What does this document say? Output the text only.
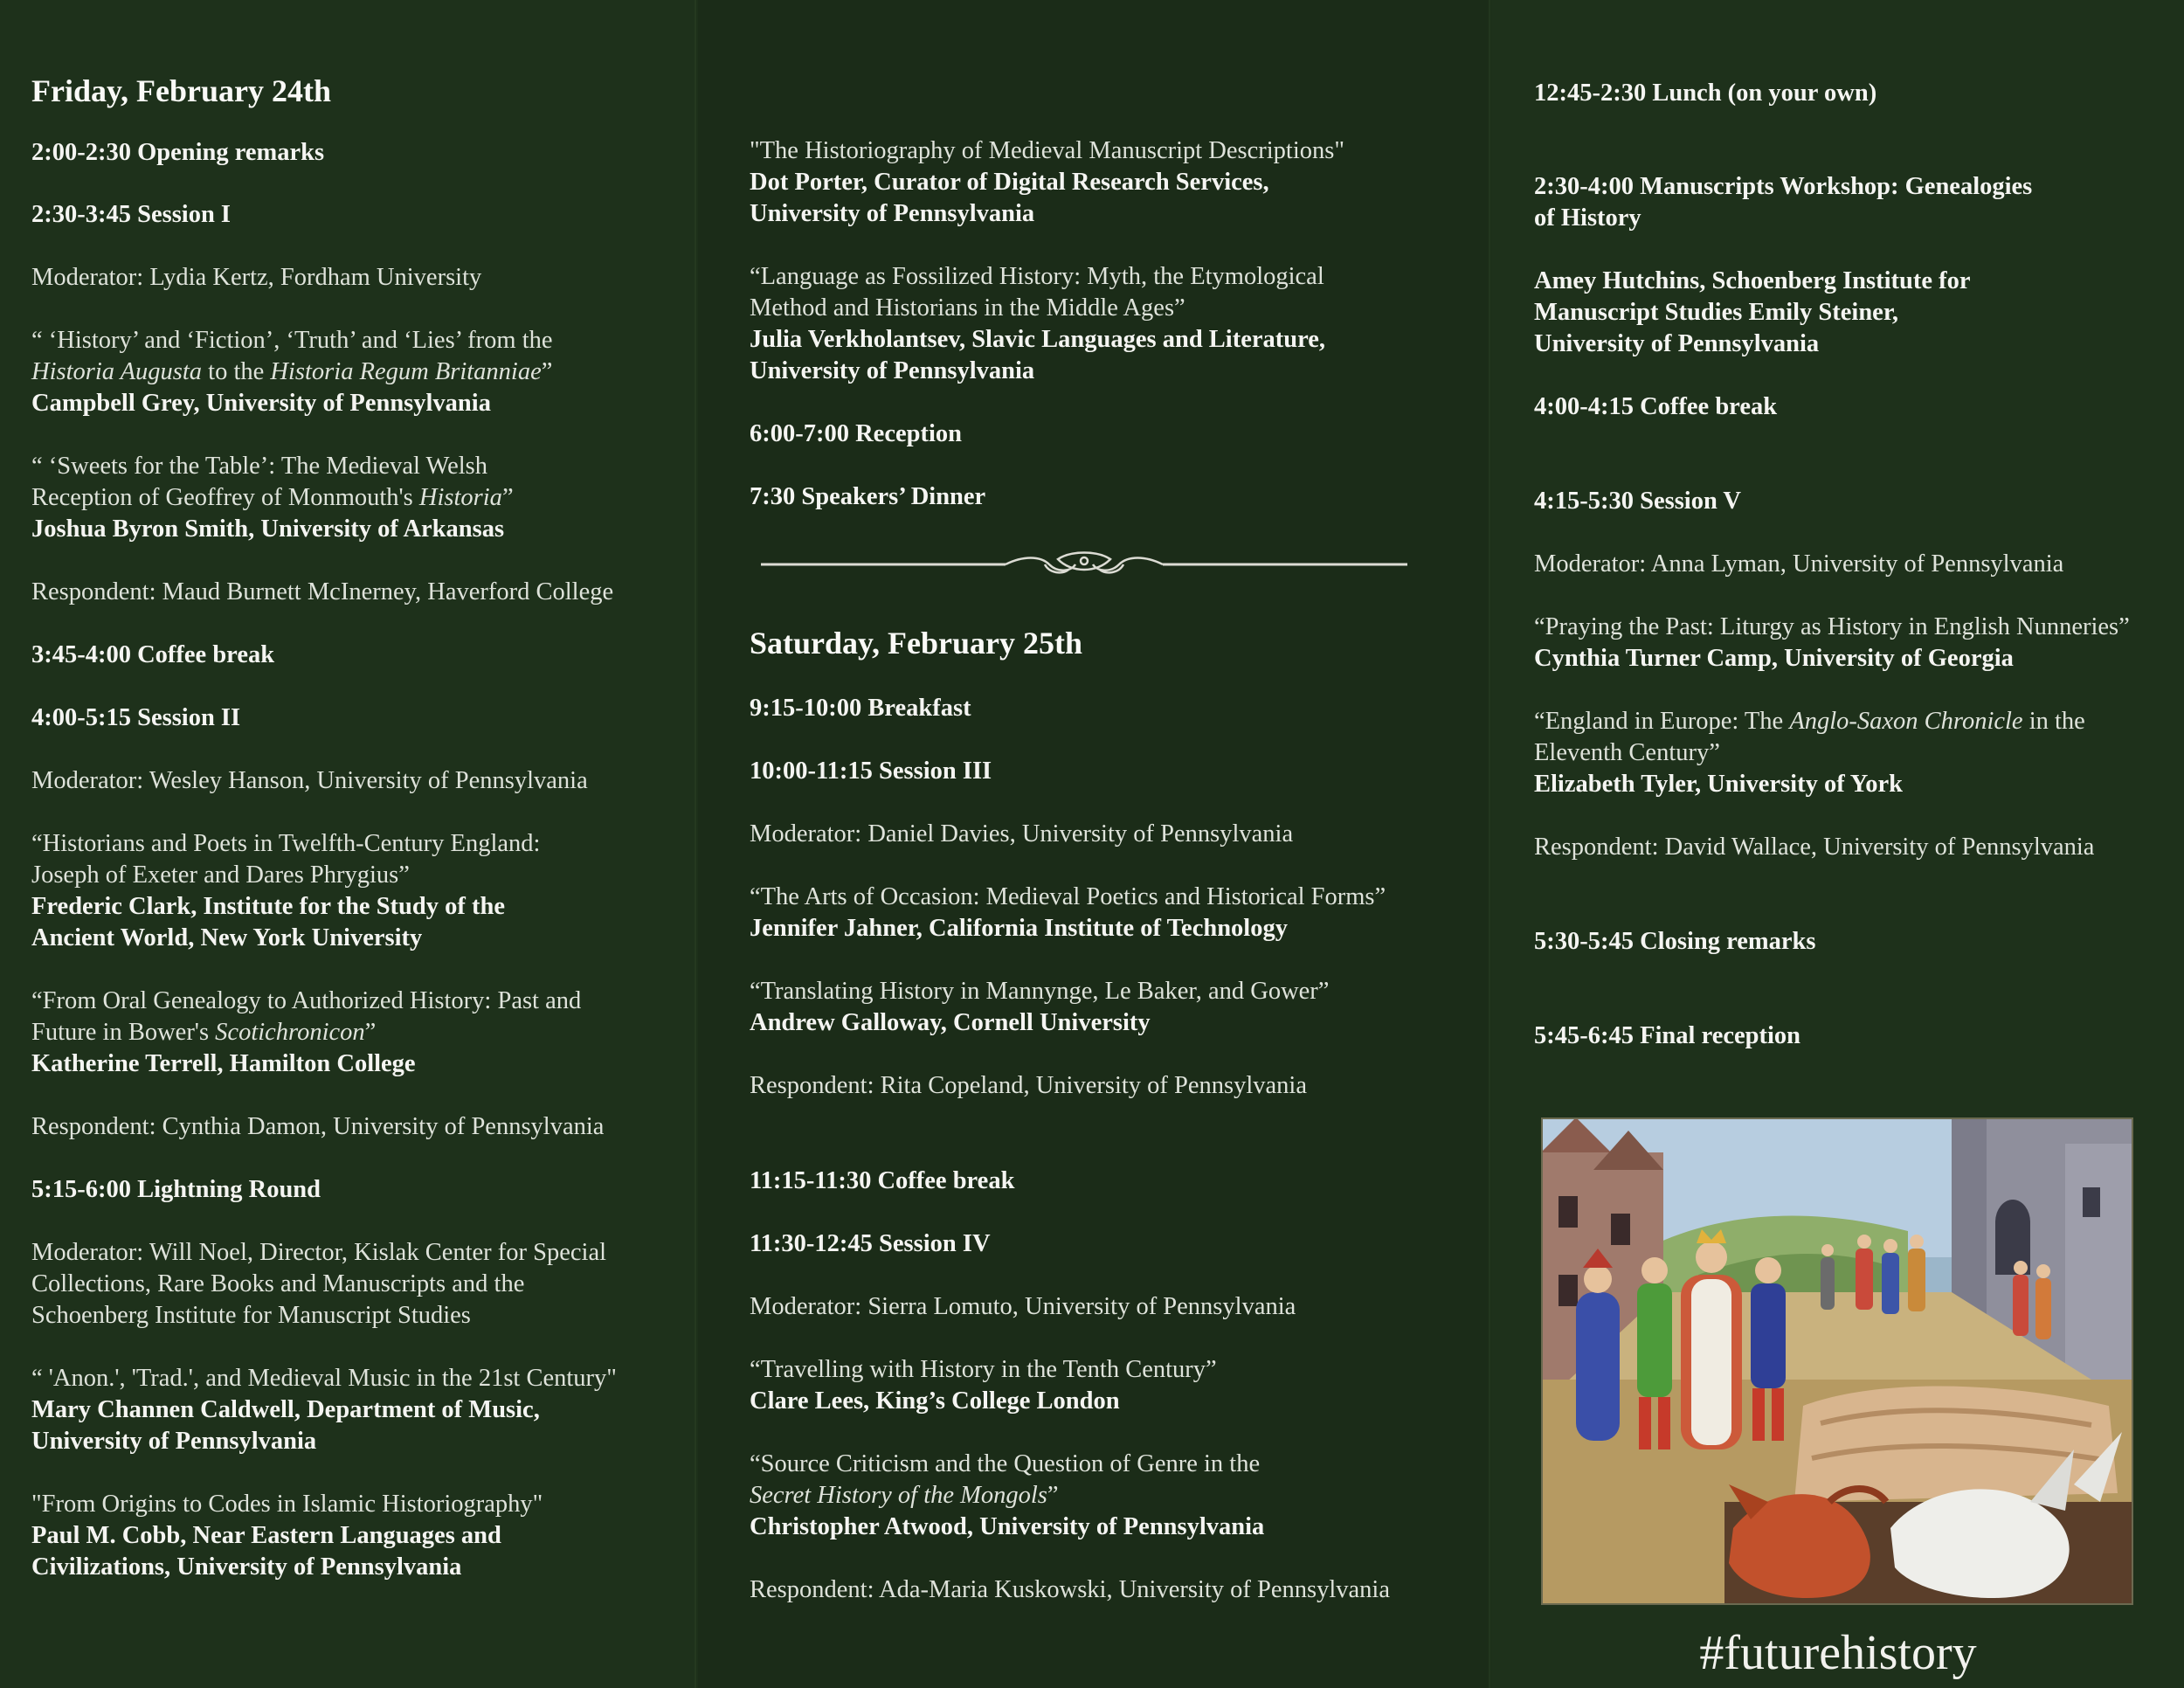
Friday, February 24th
2:00-2:30 Opening remarks
2:30-3:45 Session I
Moderator: Lydia Kertz, Fordham University
“ ‘History’ and ‘Fiction’, ‘Truth’ and ‘Lies’ from the
Historia Augusta to the Historia Regum Britanniae”
Campbell Grey, University of Pennsylvania
“ ‘Sweets for the Table’: The Medieval Welsh
Reception of Geoffrey of Monmouth's Historia”
Joshua Byron Smith, University of Arkansas
Respondent: Maud Burnett McInerney, Haverford College
3:45-4:00 Coffee break
4:00-5:15 Session II
Moderator: Wesley Hanson, University of Pennsylvania
“Historians and Poets in Twelfth-Century England:
Joseph of Exeter and Dares Phrygius”
Frederic Clark, Institute for the Study of the
Ancient World, New York University
“From Oral Genealogy to Authorized History: Past and
Future in Bower's Scotichronicon”
Katherine Terrell, Hamilton College
Respondent: Cynthia Damon, University of Pennsylvania
5:15-6:00 Lightning Round
Moderator: Will Noel, Director, Kislak Center for Special
Collections, Rare Books and Manuscripts and the
Schoenberg Institute for Manuscript Studies
“ 'Anon.', 'Trad.', and Medieval Music in the 21st Century"
Mary Channen Caldwell, Department of Music,
University of Pennsylvania
"From Origins to Codes in Islamic Historiography"
Paul M. Cobb, Near Eastern Languages and
Civilizations, University of Pennsylvania
"The Historiography of Medieval Manuscript Descriptions"
Dot Porter, Curator of Digital Research Services,
University of Pennsylvania
“Language as Fossilized History: Myth, the Etymological
Method and Historians in the Middle Ages”
Julia Verkholantsev, Slavic Languages and Literature,
University of Pennsylvania
6:00-7:00 Reception
7:30 Speakers’ Dinner
Saturday, February 25th
9:15-10:00 Breakfast
10:00-11:15 Session III
Moderator: Daniel Davies, University of Pennsylvania
“The Arts of Occasion: Medieval Poetics and Historical Forms”
Jennifer Jahner, California Institute of Technology
“Translating History in Mannynge, Le Baker, and Gower”
Andrew Galloway, Cornell University
Respondent: Rita Copeland, University of Pennsylvania
11:15-11:30 Coffee break
11:30-12:45 Session IV
Moderator: Sierra Lomuto, University of Pennsylvania
“Travelling with History in the Tenth Century”
Clare Lees, King’s College London
“Source Criticism and the Question of Genre in the
Secret History of the Mongols”
Christopher Atwood, University of Pennsylvania
Respondent: Ada-Maria Kuskowski, University of Pennsylvania
12:45-2:30 Lunch (on your own)
2:30-4:00 Manuscripts Workshop: Genealogies
of History
Amey Hutchins, Schoenberg Institute for
Manuscript Studies Emily Steiner,
University of Pennsylvania
4:00-4:15 Coffee break
4:15-5:30 Session V
Moderator: Anna Lyman, University of Pennsylvania
“Praying the Past: Liturgy as History in English Nunneries”
Cynthia Turner Camp, University of Georgia
“England in Europe: The Anglo-Saxon Chronicle in the
Eleventh Century”
Elizabeth Tyler, University of York
Respondent: David Wallace, University of Pennsylvania
5:30-5:45 Closing remarks
5:45-6:45 Final reception
#futurehistory
